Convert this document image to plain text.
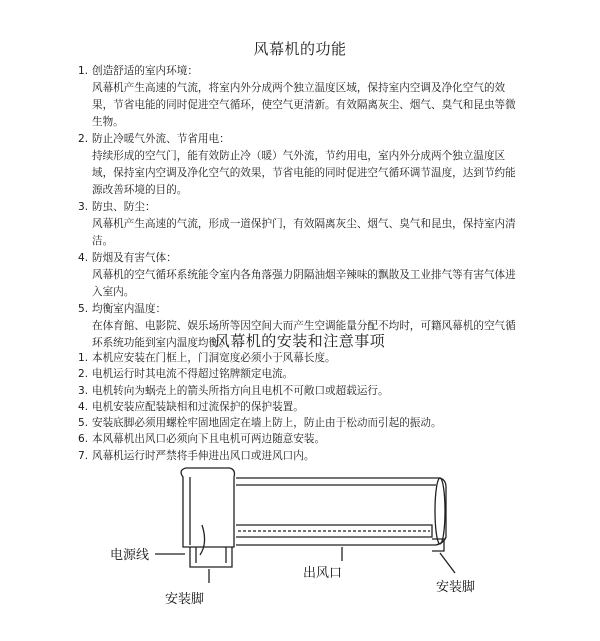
风幕机的功能
1. 创造舒适的室内环境：
风幕机产生高速的气流，将室内外分成两个独立温度区域，保持室内空调及净化空气的效果，节省电能的同时促进空气循环，使空气更清新。有效隔离灰尘、烟气、臭气和昆虫等微生物。
2. 防止冷暖气外流、节省用电：
持续形成的空气门，能有效防止冷（暖）气外流，节约用电，室内外分成两个独立温度区域，保持室内空调及净化空气的效果，节省电能的同时促进空气循环调节温度，达到节约能源改善环境的目的。
3. 防虫、防尘：
风幕机产生高速的气流，形成一道保护门，有效隔离灰尘、烟气、臭气和昆虫，保持室内清洁。
4. 防烟及有害气体：
风幕机的空气循环系统能令室内各角落强力阴隔油烟辛辣味的飘散及工业排气等有害气体进入室内。
5. 均衡室内温度：
在体育館、电影院、娱乐场所等因空间大而产生空调能量分配不均时，可籍风幕机的空气循环系统功能到室内温度均衡。
风幕机的安装和注意事项
1. 本机应安装在门框上，门洞宽度必须小于风幕长度。
2. 电机运行时其电流不得超过铭牌额定电流。
3. 电机转向为蜗壳上的箭头所指方向且电机不可敞口或超载运行。
4. 电机安装应配装缺相和过流保护的保护装置。
5. 安装底脚必须用螺栓牢固地固定在墙上防上，防止由于松动而引起的振动。
6. 本风幕机出风口必须向下且电机可两边随意安装。
7. 风幕机运行时严禁将手伸进出风口或进风口内。
电源线
出风口
安装脚
安装脚
